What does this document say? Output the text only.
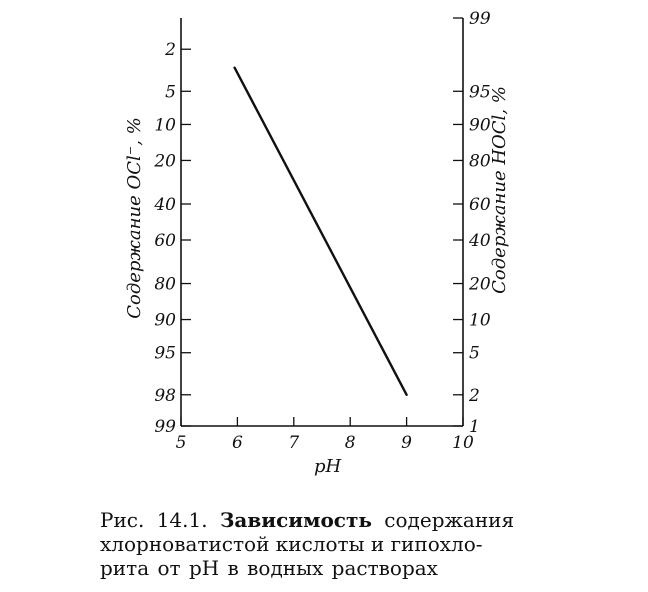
5	6	7	8	9 10
2
5
10
20
40
60
80
90
95
98
99	1
2
5
10
20
40
60
80
90
95
99
pH
Содержание ОСl⁻, %	Содержание НОСl, %
Рис. 14.1. Зависимость содержания
хлорноватистой кислоты и гипохло-
рита от pH в водных растворах
